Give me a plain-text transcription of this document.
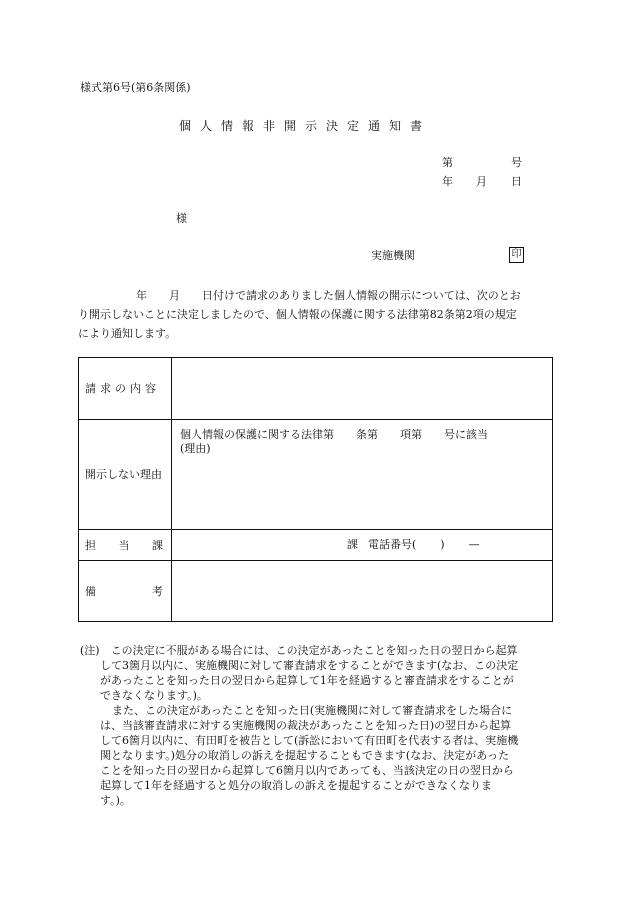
様式第6号(第6条関係)
個人情報非開示決定通知書
第	号
年 月 日
様
実施機関	印
年 月 日付けで請求のありました個人情報の開示については、次のとお
り開示しないことに決定しましたので、個人情報の保護に関する法律第82条第2項の規定
により通知します。
請求の内容	
開示しない理由	個人情報の保護に関する法律第 条第 項第 号に該当
(理由)

担 当 課	課 電話番号( ) —

備 考	

(注)　この決定に不服がある場合には、この決定があったことを知った日の翌日から起算
して3箇月以内に、実施機関に対して審査請求をすることができます(なお、この決定
があったことを知った日の翌日から起算して1年を経過すると審査請求をすることが
できなくなります。)。
また、この決定があったことを知った日(実施機関に対して審査請求をした場合に
は、当該審査請求に対する実施機関の裁決があったことを知った日)の翌日から起算
して6箇月以内に、有田町を被告として(訴訟において有田町を代表する者は、実施機
関となります。)処分の取消しの訴えを提起することもできます(なお、決定があった
ことを知った日の翌日から起算して6箇月以内であっても、当該決定の日の翌日から
起算して1年を経過すると処分の取消しの訴えを提起することができなくなりま
す。)。
